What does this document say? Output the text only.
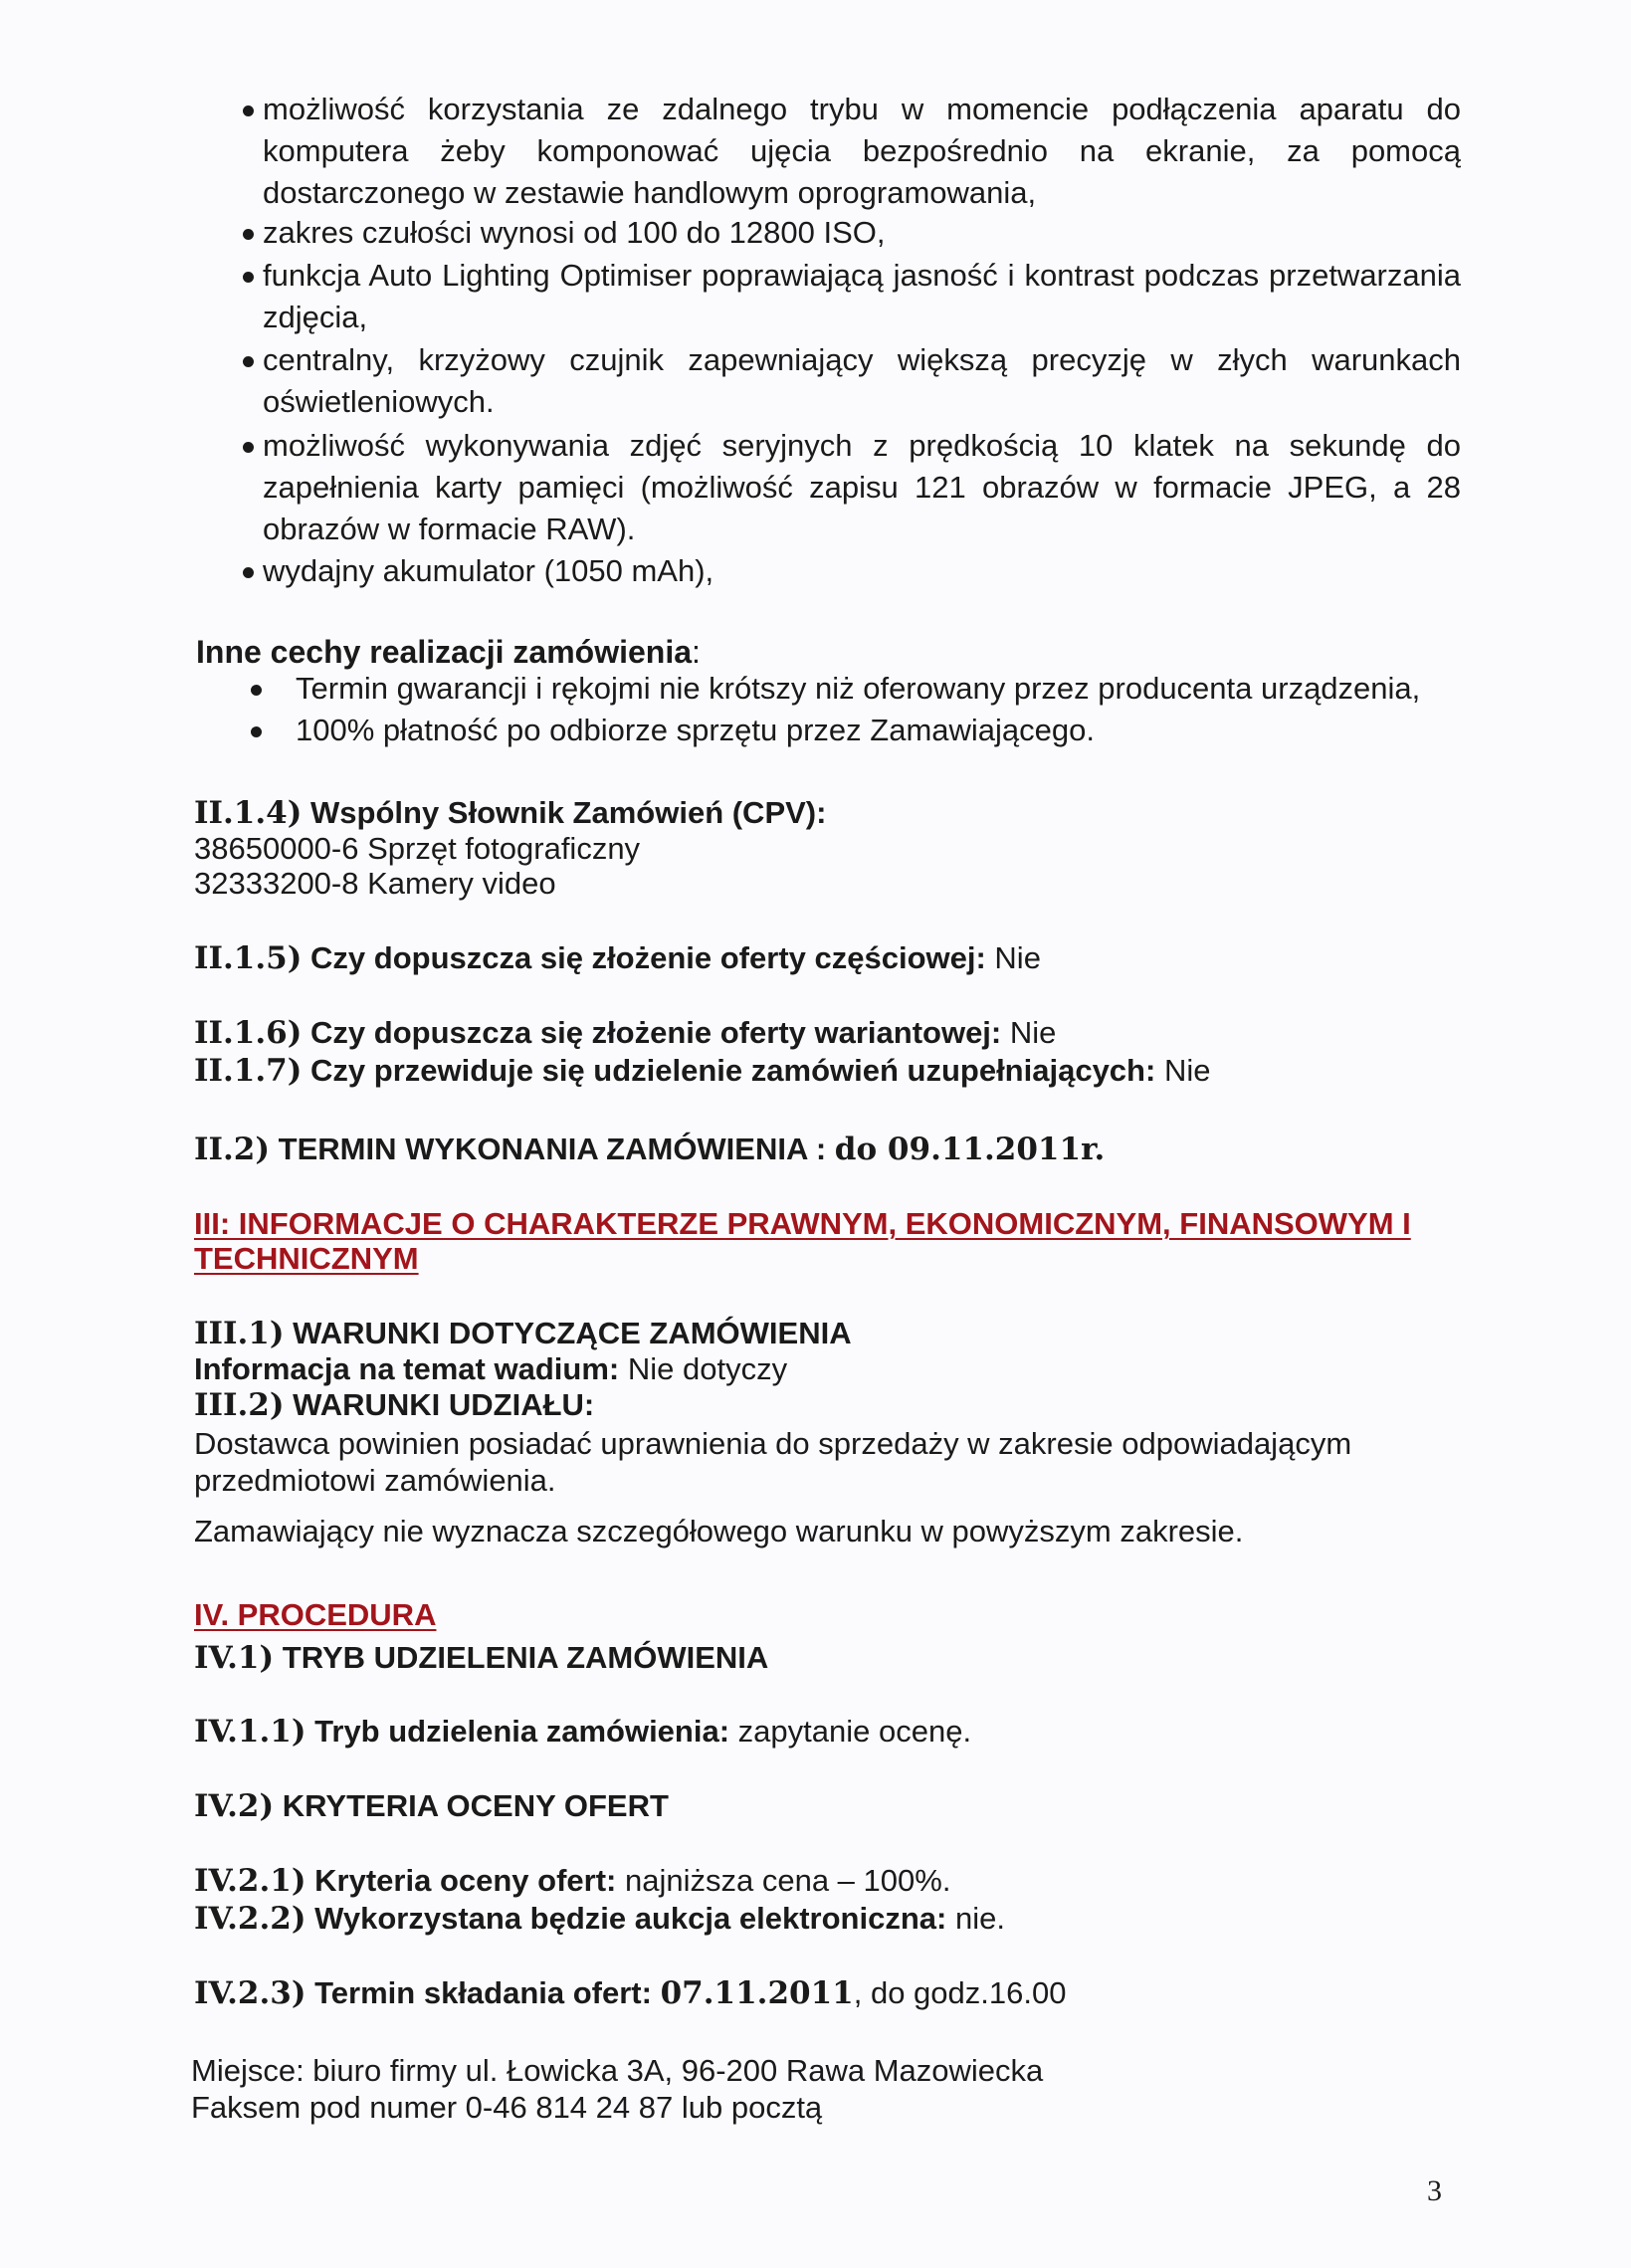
możliwość korzystania ze zdalnego trybu w momencie podłączenia aparatu do komputera żeby komponować ujęcia bezpośrednio na ekranie, za pomocą dostarczonego w zestawie handlowym oprogramowania,
zakres czułości wynosi od 100 do 12800 ISO,
funkcja Auto Lighting Optimiser poprawiającą jasność i kontrast podczas przetwarzania zdjęcia,
centralny, krzyżowy czujnik zapewniający większą precyzję w złych warunkach oświetleniowych.
możliwość wykonywania zdjęć seryjnych z prędkością 10 klatek na sekundę do zapełnienia karty pamięci (możliwość zapisu 121 obrazów w formacie JPEG, a 28 obrazów w formacie RAW).
wydajny akumulator (1050 mAh),
Inne cechy realizacji zamówienia:
Termin gwarancji i rękojmi nie krótszy niż oferowany przez producenta urządzenia,
100% płatność po odbiorze sprzętu przez Zamawiającego.
II.1.4) Wspólny Słownik Zamówień (CPV):
38650000-6 Sprzęt fotograficzny
32333200-8 Kamery video
II.1.5) Czy dopuszcza się złożenie oferty częściowej: Nie
II.1.6) Czy dopuszcza się złożenie oferty wariantowej: Nie
II.1.7) Czy przewiduje się udzielenie zamówień uzupełniających: Nie
II.2) TERMIN WYKONANIA ZAMÓWIENIA : do 09.11.2011r.
III: INFORMACJE O CHARAKTERZE PRAWNYM, EKONOMICZNYM, FINANSOWYM I
TECHNICZNYM
III.1) WARUNKI DOTYCZĄCE ZAMÓWIENIA
Informacja na temat wadium: Nie dotyczy
III.2) WARUNKI UDZIAŁU:
Dostawca powinien posiadać uprawnienia do sprzedaży w zakresie odpowiadającym
przedmiotowi zamówienia.
Zamawiający nie wyznacza szczegółowego warunku w powyższym zakresie.
IV. PROCEDURA
IV.1) TRYB UDZIELENIA ZAMÓWIENIA
IV.1.1) Tryb udzielenia zamówienia: zapytanie ocenę.
IV.2) KRYTERIA OCENY OFERT
IV.2.1) Kryteria oceny ofert: najniższa cena – 100%.
IV.2.2) Wykorzystana będzie aukcja elektroniczna: nie.
IV.2.3) Termin składania ofert: 07.11.2011, do godz.16.00
Miejsce: biuro firmy ul. Łowicka 3A, 96-200 Rawa Mazowiecka
Faksem pod numer 0-46 814 24 87 lub pocztą
3
